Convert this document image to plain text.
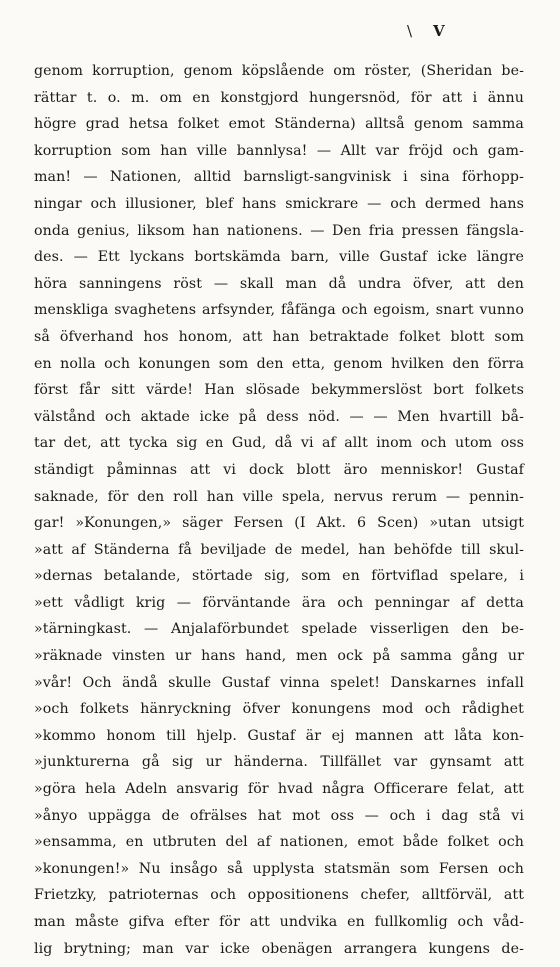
\ V
genom korruption, genom köpslående om röster, (Sheridan be-
rättar t. o. m. om en konstgjord hungersnöd, för att i ännu
högre grad hetsa folket emot Ständerna) alltså genom samma
korruption som han ville bannlysa! — Allt var fröjd och gam-
man! — Nationen, alltid barnsligt-sangvinisk i sina förhopp-
ningar och illusioner, blef hans smickrare — och dermed hans
onda genius, liksom han nationens. — Den fria pressen fängsla-
des. — Ett lyckans bortskämda barn, ville Gustaf icke längre
höra sanningens röst — skall man då undra öfver, att den
menskliga svaghetens arfsynder, fåfänga och egoism, snart vunno
så öfverhand hos honom, att han betraktade folket blott som
en nolla och konungen som den etta, genom hvilken den förra
först får sitt värde! Han slösade bekymmerslöst bort folkets
välstånd och aktade icke på dess nöd. — — Men hvartill bå-
tar det, att tycka sig en Gud, då vi af allt inom och utom oss
ständigt påminnas att vi dock blott äro menniskor! Gustaf
saknade, för den roll han ville spela, nervus rerum — pennin-
gar! »Konungen,» säger Fersen (I Akt. 6 Scen) »utan utsigt
»att af Ständerna få beviljade de medel, han behöfde till skul-
»dernas betalande, störtade sig, som en förtviflad spelare, i
»ett vådligt krig — förväntande ära och penningar af detta
»tärningkast. — Anjalaförbundet spelade visserligen den be-
»räknade vinsten ur hans hand, men ock på samma gång ur
»vår! Och ändå skulle Gustaf vinna spelet! Danskarnes infall
»och folkets hänryckning öfver konungens mod och rådighet
»kommo honom till hjelp. Gustaf är ej mannen att låta kon-
»junkturerna gå sig ur händerna. Tillfället var gynsamt att
»göra hela Adeln ansvarig för hvad några Officerare felat, att
»ånyo uppägga de ofrälses hat mot oss — och i dag stå vi
»ensamma, en utbruten del af nationen, emot både folket och
»konungen!» Nu insågo så upplysta statsmän som Fersen och
Frietzky, patrioternas och oppositionens chefer, alltförväl, att
man måste gifva efter för att undvika en fullkomlig och våd-
lig brytning; man var icke obenägen arrangera kungens de-
